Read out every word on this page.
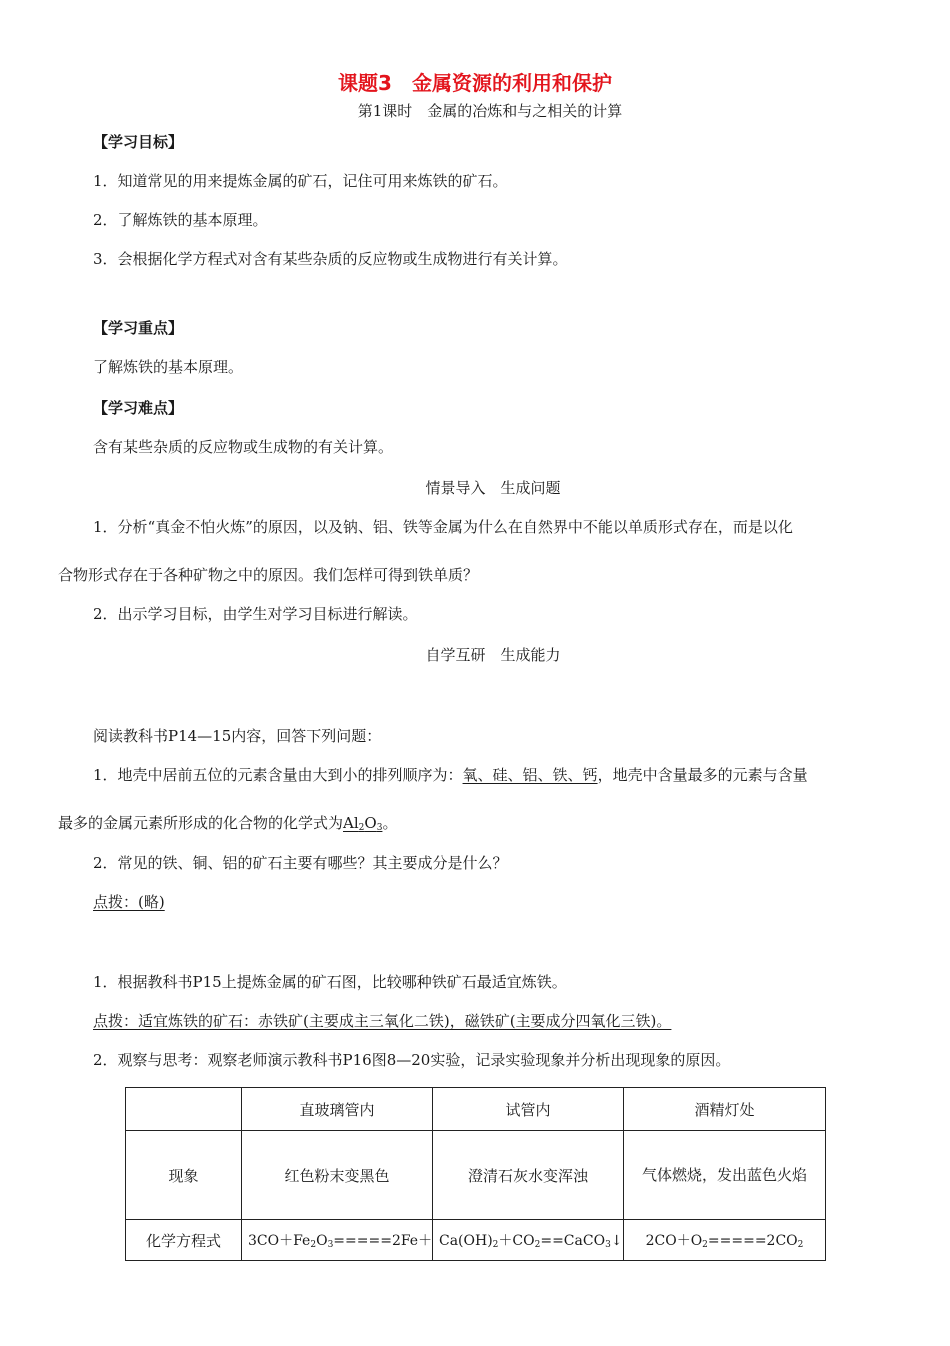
课题3　金属资源的利用和保护
第1课时　金属的冶炼和与之相关的计算
【学习目标】
1．知道常见的用来提炼金属的矿石，记住可用来炼铁的矿石。
2．了解炼铁的基本原理。
3．会根据化学方程式对含有某些杂质的反应物或生成物进行有关计算。
【学习重点】
了解炼铁的基本原理。
【学习难点】
含有某些杂质的反应物或生成物的有关计算。
情景导入　生成问题
1．分析“真金不怕火炼”的原因，以及钠、铝、铁等金属为什么在自然界中不能以单质形式存在，而是以化
合物形式存在于各种矿物之中的原因。我们怎样可得到铁单质？
2．出示学习目标，由学生对学习目标进行解读。
自学互研　生成能力
阅读教科书P14—15内容，回答下列问题：
1．地壳中居前五位的元素含量由大到小的排列顺序为：氧、硅、铝、铁、钙，地壳中含量最多的元素与含量
最多的金属元素所形成的化合物的化学式为$Al_2O_3$。
2．常见的铁、铜、铝的矿石主要有哪些？其主要成分是什么？
点拨：(略)
1．根据教科书P15上提炼金属的矿石图，比较哪种铁矿石最适宜炼铁。
点拨：适宜炼铁的矿石：赤铁矿(主要成主三氧化二铁)，磁铁矿(主要成分四氧化三铁)。
2．观察与思考：观察老师演示教科书P16图8—20实验，记录实验现象并分析出现现象的原因。
	直玻璃管内	试管内	酒精灯处
现象	红色粉末变黑色	澄清石灰水变浑浊	气体燃烧，发出蓝色火焰
化学方程式	$3CO+Fe_2O_3=====2Fe+$	$Ca(OH)_2+CO_2==CaCO_3↓$	$2CO+O_2=====2CO_2$
